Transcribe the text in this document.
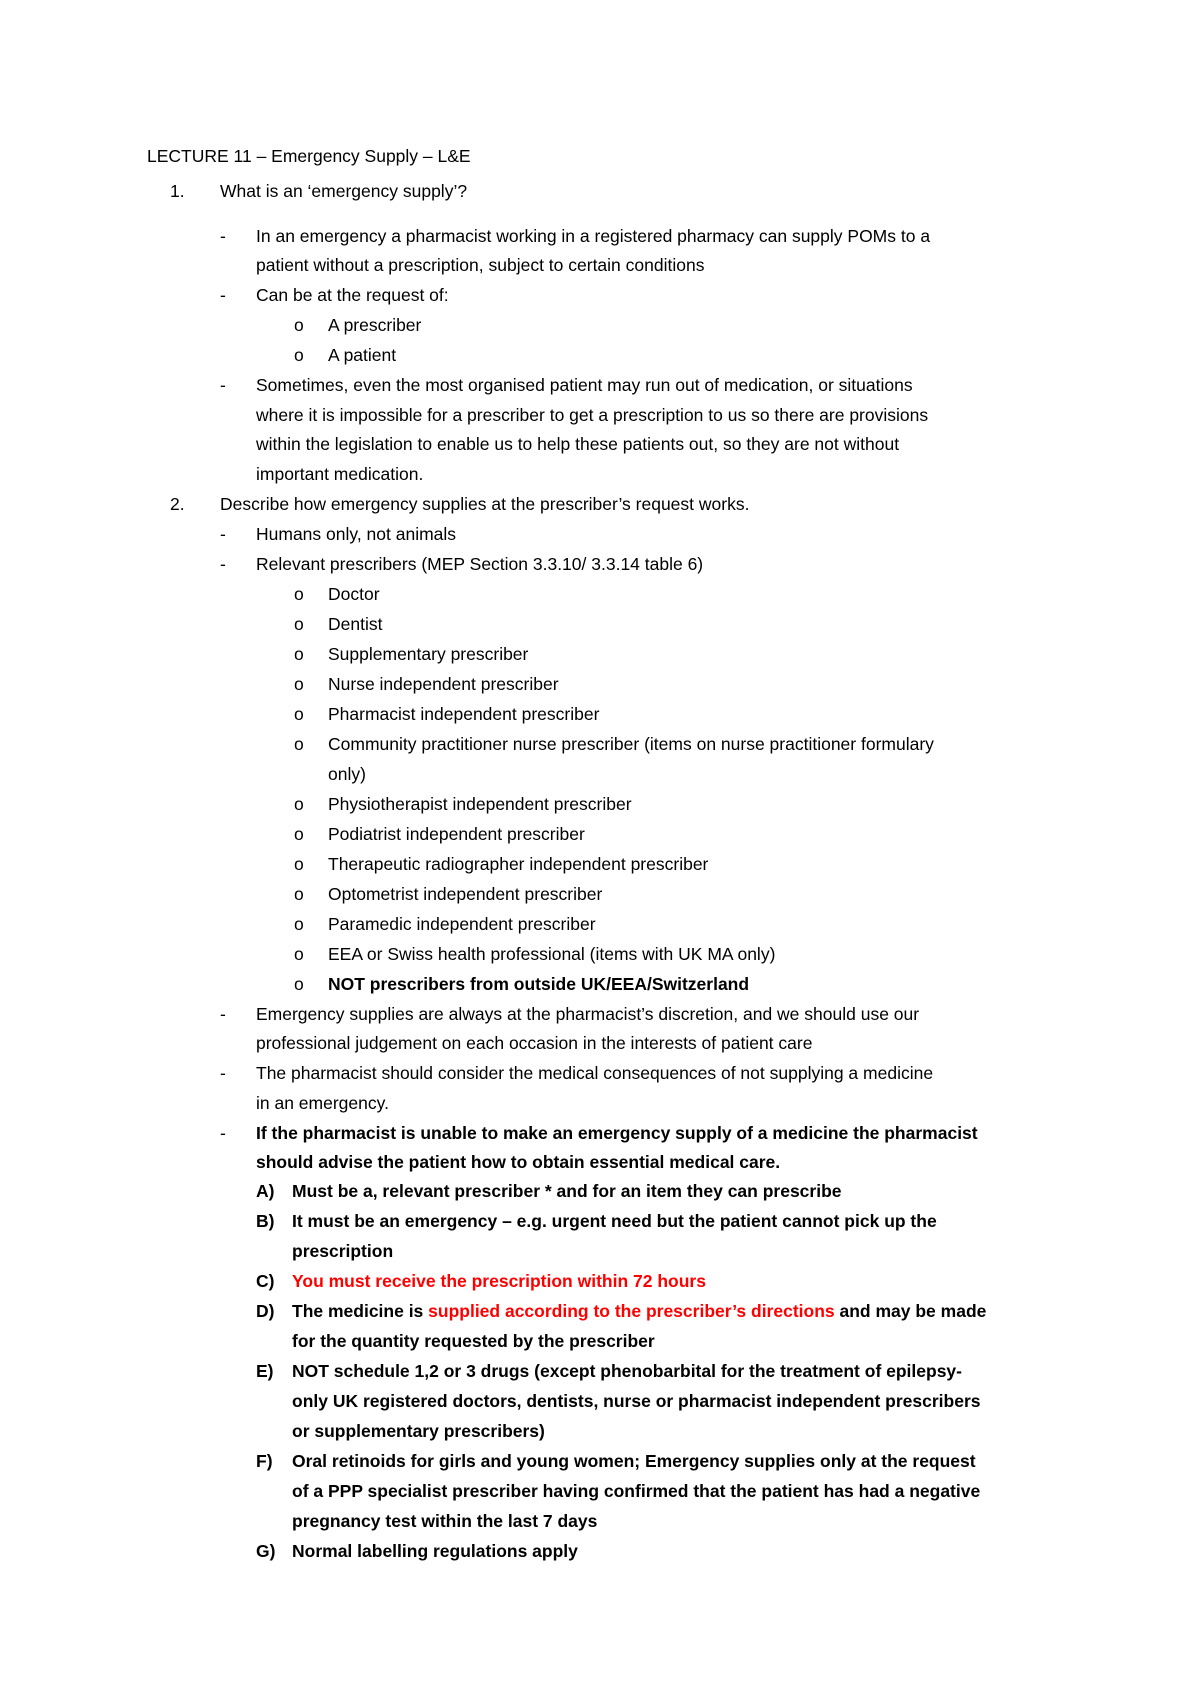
LECTURE 11 – Emergency Supply – L&E
1. What is an ‘emergency supply’?
- In an emergency a pharmacist working in a registered pharmacy can supply POMs to a
patient without a prescription, subject to certain conditions
- Can be at the request of:
o A prescriber
o A patient
- Sometimes, even the most organised patient may run out of medication, or situations
where it is impossible for a prescriber to get a prescription to us so there are provisions
within the legislation to enable us to help these patients out, so they are not without
important medication.
2. Describe how emergency supplies at the prescriber’s request works.
- Humans only, not animals
- Relevant prescribers (MEP Section 3.3.10/ 3.3.14 table 6)
o Doctor
o Dentist
o Supplementary prescriber
o Nurse independent prescriber
o Pharmacist independent prescriber
o Community practitioner nurse prescriber (items on nurse practitioner formulary
only)
o Physiotherapist independent prescriber
o Podiatrist independent prescriber
o Therapeutic radiographer independent prescriber
o Optometrist independent prescriber
o Paramedic independent prescriber
o EEA or Swiss health professional (items with UK MA only)
o NOT prescribers from outside UK/EEA/Switzerland
- Emergency supplies are always at the pharmacist’s discretion, and we should use our
professional judgement on each occasion in the interests of patient care
- The pharmacist should consider the medical consequences of not supplying a medicine
in an emergency.
- If the pharmacist is unable to make an emergency supply of a medicine the pharmacist
should advise the patient how to obtain essential medical care.
A) Must be a, relevant prescriber * and for an item they can prescribe
B) It must be an emergency – e.g. urgent need but the patient cannot pick up the
prescription
C) You must receive the prescription within 72 hours
D) The medicine is supplied according to the prescriber’s directions and may be made
for the quantity requested by the prescriber
E) NOT schedule 1,2 or 3 drugs (except phenobarbital for the treatment of epilepsy-
only UK registered doctors, dentists, nurse or pharmacist independent prescribers
or supplementary prescribers)
F) Oral retinoids for girls and young women; Emergency supplies only at the request
of a PPP specialist prescriber having confirmed that the patient has had a negative
pregnancy test within the last 7 days
G) Normal labelling regulations apply
